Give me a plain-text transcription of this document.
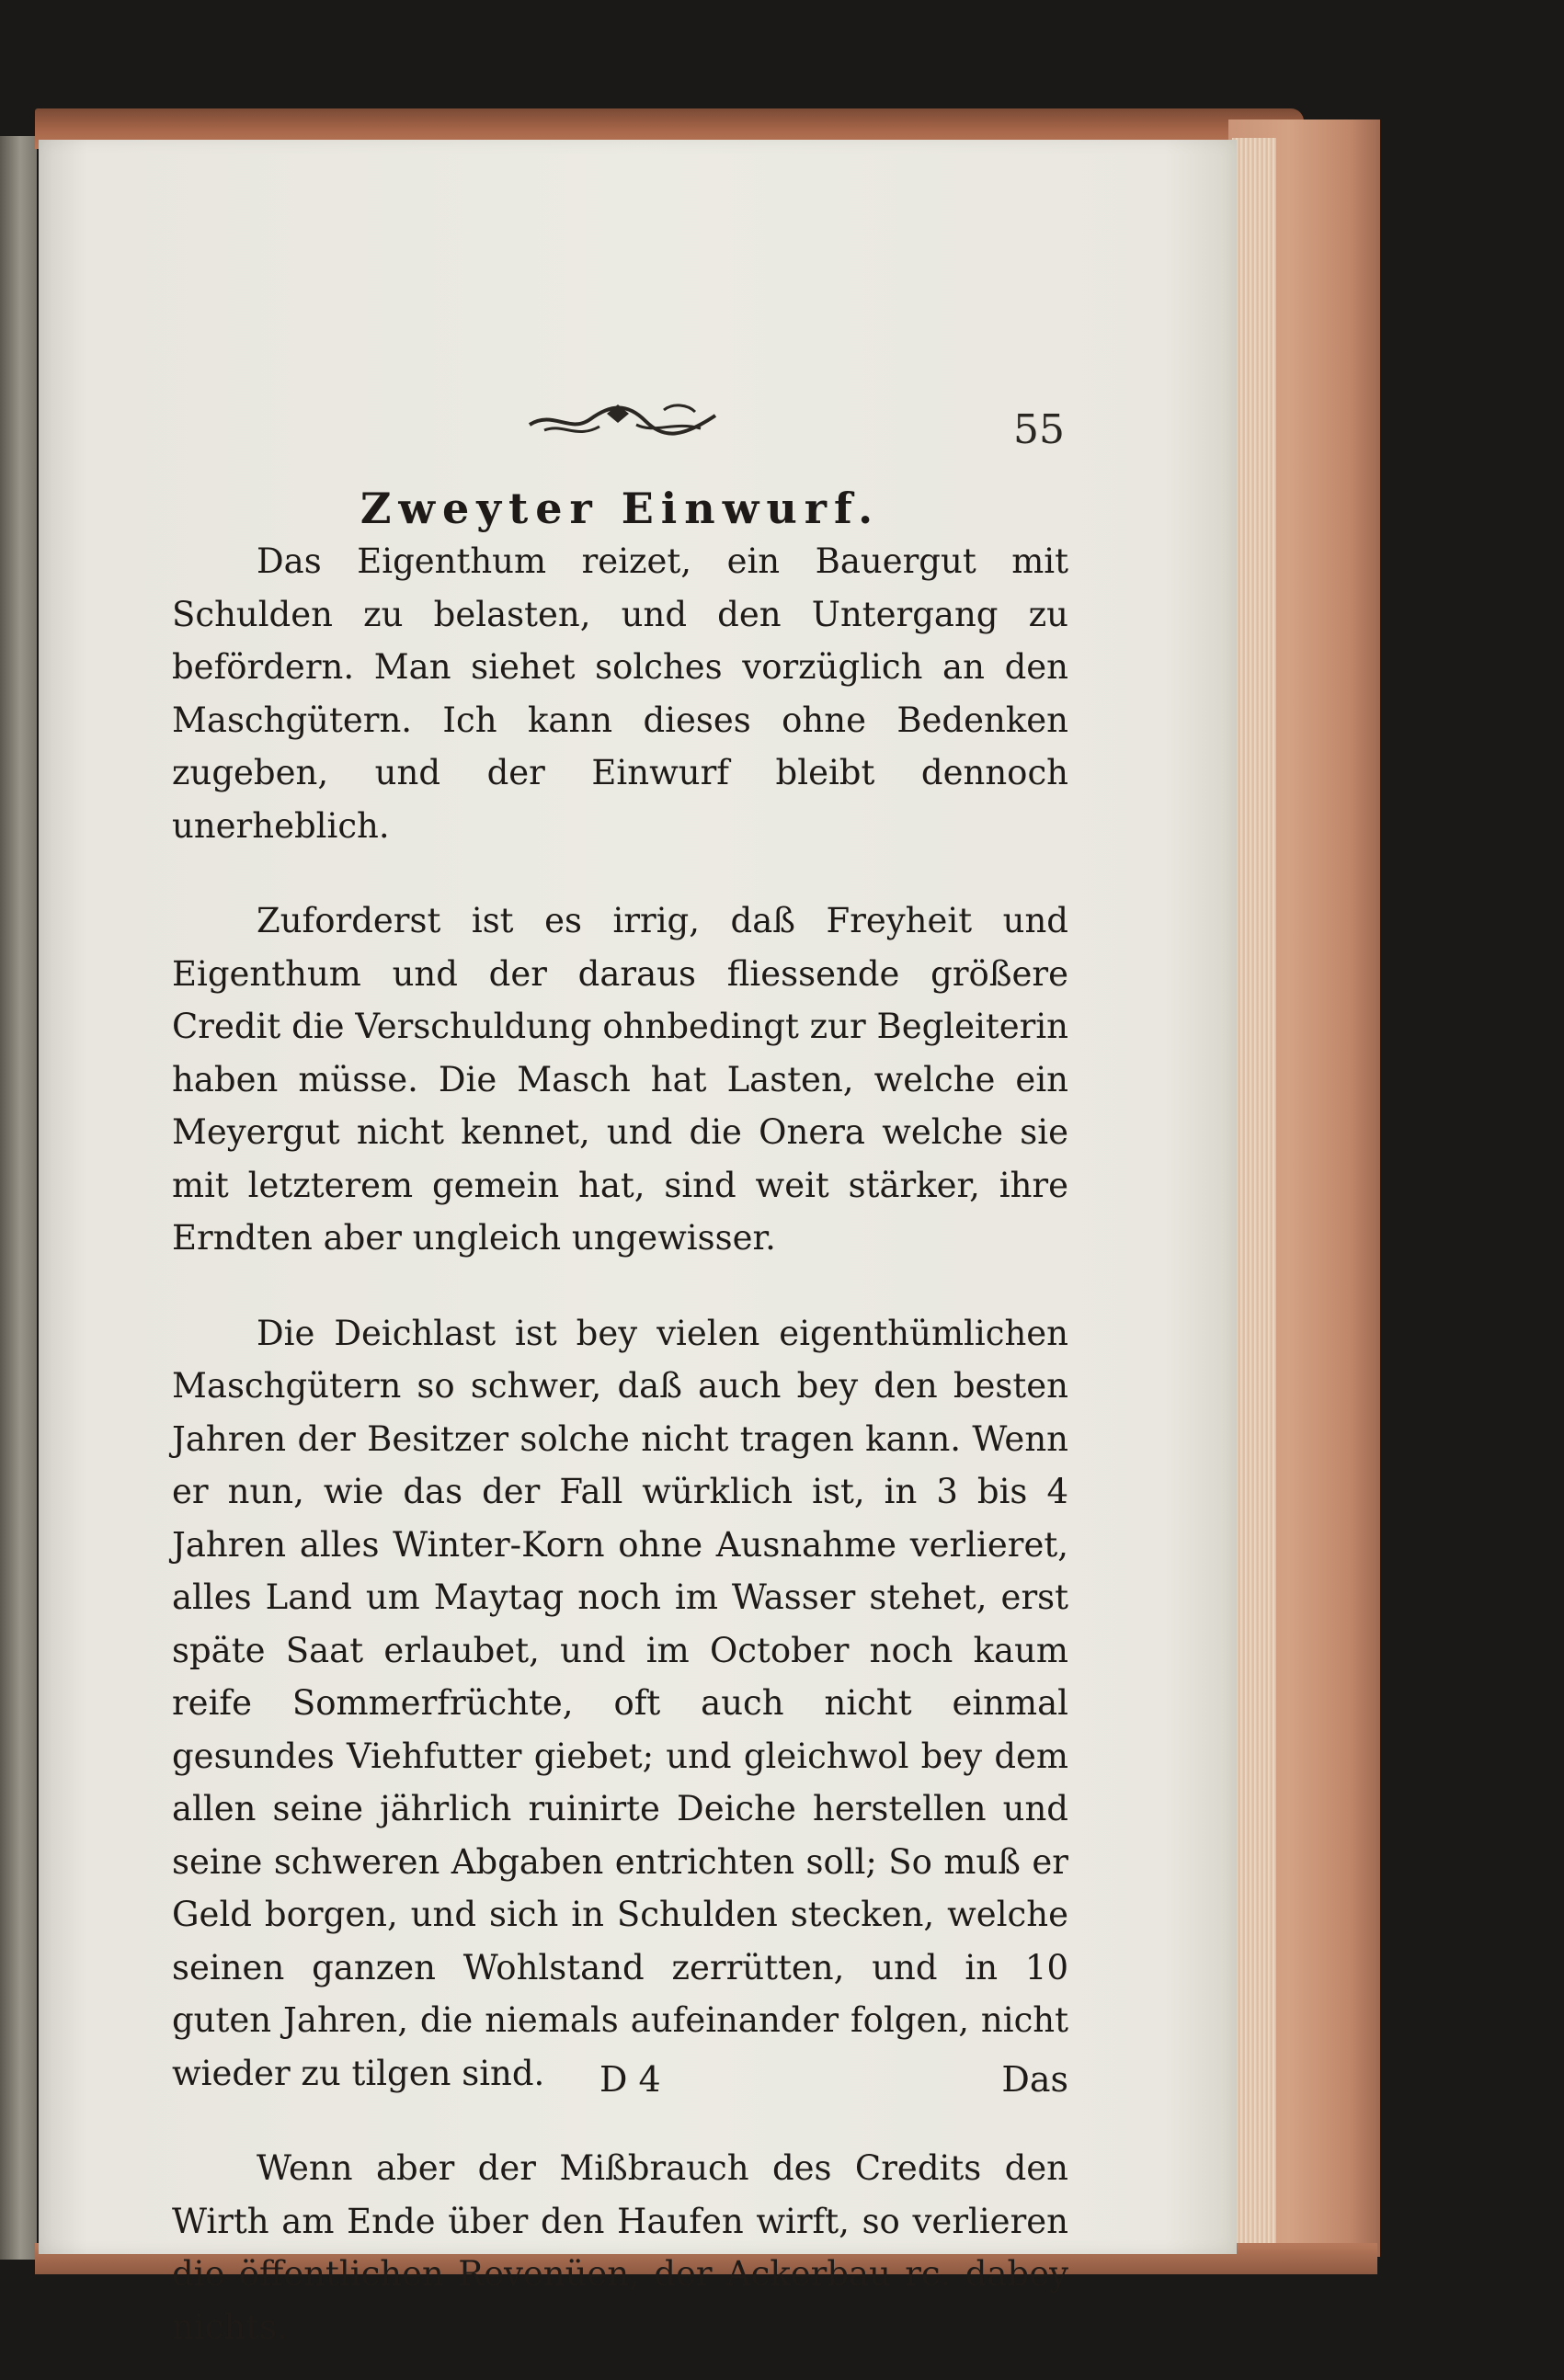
55
Zweyter Einwurf.

Das Eigenthum reizet, ein Bauergut mit Schulden zu belasten, und den Untergang zu befördern. Man siehet solches vorzüglich an den Maschgütern. Ich kann dieses ohne Bedenken zugeben, und der Einwurf bleibt dennoch unerheblich.

Zuforderst ist es irrig, daß Freyheit und Eigenthum und der daraus fliessende größere Credit die Verschuldung ohnbedingt zur Begleiterin haben müsse. Die Masch hat Lasten, welche ein Meyergut nicht kennet, und die Onera welche sie mit letzterem gemein hat, sind weit stärker, ihre Erndten aber ungleich ungewisser.

Die Deichlast ist bey vielen eigenthümlichen Maschgütern so schwer, daß auch bey den besten Jahren der Besitzer solche nicht tragen kann. Wenn er nun, wie das der Fall würklich ist, in 3 bis 4 Jahren alles Winter-Korn ohne Ausnahme verlieret, alles Land um Maytag noch im Wasser stehet, erst späte Saat erlaubet, und im October noch kaum reife Sommerfrüchte, oft auch nicht einmal gesundes Viehfutter giebet; und gleichwol bey dem allen seine jährlich ruinirte Deiche herstellen und seine schweren Abgaben entrichten soll; So muß er Geld borgen, und sich in Schulden stecken, welche seinen ganzen Wohlstand zerrütten, und in 10 guten Jahren, die niemals aufeinander folgen, nicht wieder zu tilgen sind.

Wenn aber der Mißbrauch des Credits den Wirth am Ende über den Haufen wirft, so verlieren die öffentlichen Revenüen, der Ackerbau rc. dabey nichts.

D 4	Das
